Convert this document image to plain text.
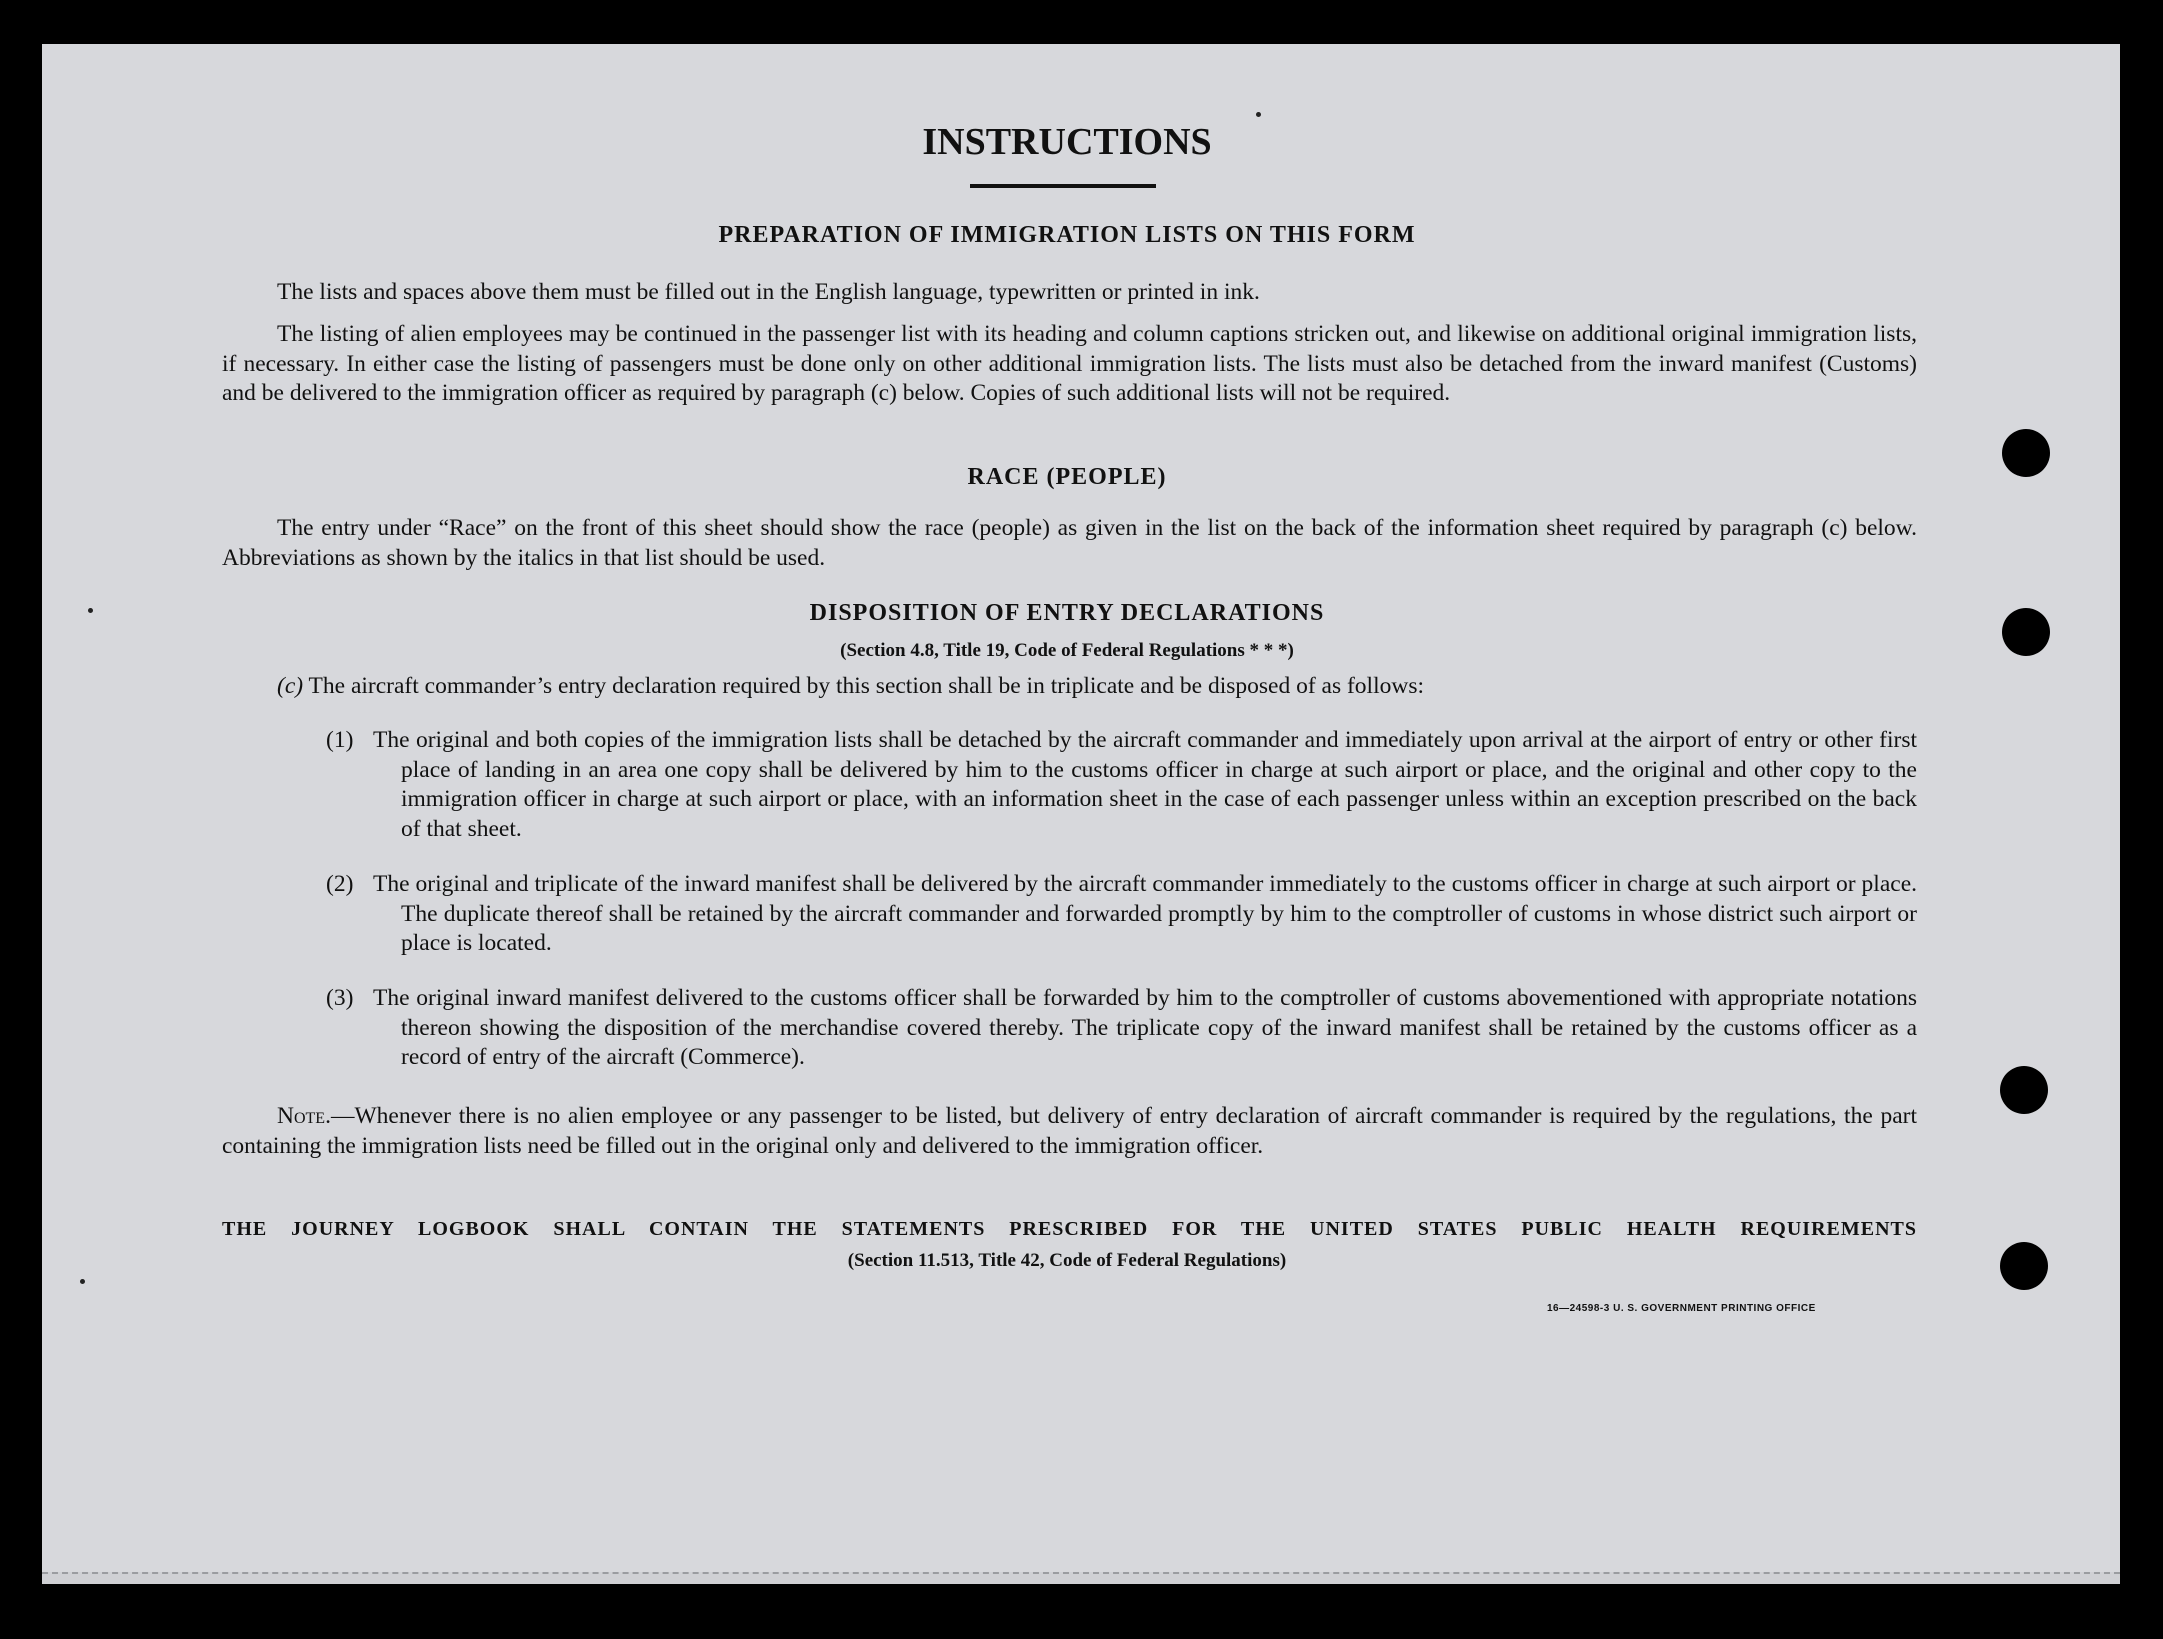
INSTRUCTIONS
PREPARATION OF IMMIGRATION LISTS ON THIS FORM
The lists and spaces above them must be filled out in the English language, typewritten or printed in ink.
The listing of alien employees may be continued in the passenger list with its heading and column captions stricken out, and likewise on additional original immigration lists, if necessary. In either case the listing of passengers must be done only on other additional immigration lists. The lists must also be detached from the inward manifest (Customs) and be delivered to the immigration officer as required by paragraph (c) below. Copies of such additional lists will not be required.
RACE (PEOPLE)
The entry under “Race” on the front of this sheet should show the race (people) as given in the list on the back of the information sheet required by paragraph (c) below. Abbreviations as shown by the italics in that list should be used.
DISPOSITION OF ENTRY DECLARATIONS
(Section 4.8, Title 19, Code of Federal Regulations * * *)
(c) The aircraft commander’s entry declaration required by this section shall be in triplicate and be disposed of as follows:
(1) The original and both copies of the immigration lists shall be detached by the aircraft commander and immediately upon arrival at the airport of entry or other first place of landing in an area one copy shall be delivered by him to the customs officer in charge at such airport or place, and the original and other copy to the immigration officer in charge at such airport or place, with an information sheet in the case of each passenger unless within an exception prescribed on the back of that sheet.
(2) The original and triplicate of the inward manifest shall be delivered by the aircraft commander immediately to the customs officer in charge at such airport or place. The duplicate thereof shall be retained by the aircraft commander and forwarded promptly by him to the comptroller of customs in whose district such airport or place is located.
(3) The original inward manifest delivered to the customs officer shall be forwarded by him to the comptroller of customs abovementioned with appropriate notations thereon showing the disposition of the merchandise covered thereby. The triplicate copy of the inward manifest shall be retained by the customs officer as a record of entry of the aircraft (Commerce).
Note.—Whenever there is no alien employee or any passenger to be listed, but delivery of entry declaration of aircraft commander is required by the regulations, the part containing the immigration lists need be filled out in the original only and delivered to the immigration officer.
THE JOURNEY LOGBOOK SHALL CONTAIN THE STATEMENTS PRESCRIBED FOR THE UNITED STATES PUBLIC HEALTH REQUIREMENTS
(Section 11.513, Title 42, Code of Federal Regulations)
16—24598-3 U. S. GOVERNMENT PRINTING OFFICE
